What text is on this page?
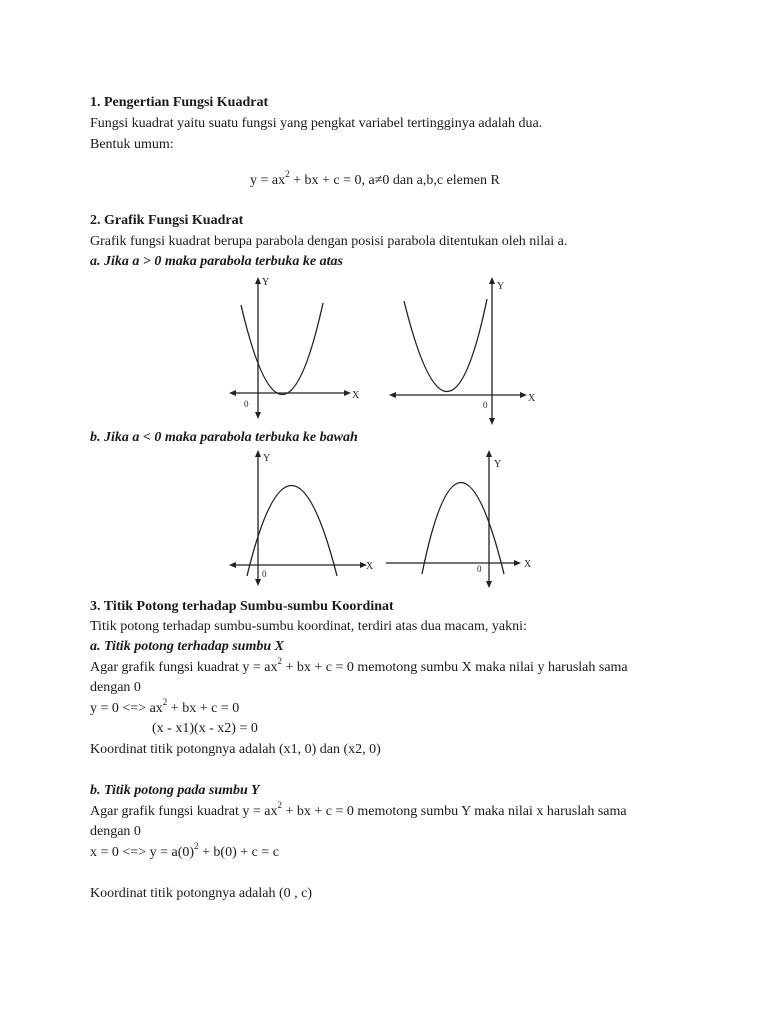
1. Pengertian Fungsi Kuadrat
Fungsi kuadrat yaitu suatu fungsi yang pengkat variabel tertingginya adalah dua.
Bentuk umum:
$y = ax^2$ + bx + c = 0, a≠0 dan a,b,c elemen R
2. Grafik Fungsi Kuadrat
Grafik fungsi kuadrat berupa parabola dengan posisi parabola ditentukan oleh nilai a.
a. Jika a > 0 maka parabola terbuka ke atas
Y
X
0
Y
X
0
b. Jika a < 0 maka parabola terbuka ke bawah
Y
X
0
Y
X
0
3. Titik Potong terhadap Sumbu-sumbu Koordinat
Titik potong terhadap sumbu-sumbu koordinat, terdiri atas dua macam, yakni:
a. Titik potong terhadap sumbu X
Agar grafik fungsi kuadrat $y = ax^2$ + bx + c = 0 memotong sumbu X maka nilai y haruslah sama
dengan 0
y = 0 <=> $ax^2$ + bx + c = 0
(x - x1)(x - x2) = 0
Koordinat titik potongnya adalah (x1, 0) dan (x2, 0)
b. Titik potong pada sumbu Y
Agar grafik fungsi kuadrat $y = ax^2$ + bx + c = 0 memotong sumbu Y maka nilai x haruslah sama
dengan 0
x = 0 <=> $y = a(0)^2 + b(0) + c = c$
Koordinat titik potongnya adalah (0 , c)
